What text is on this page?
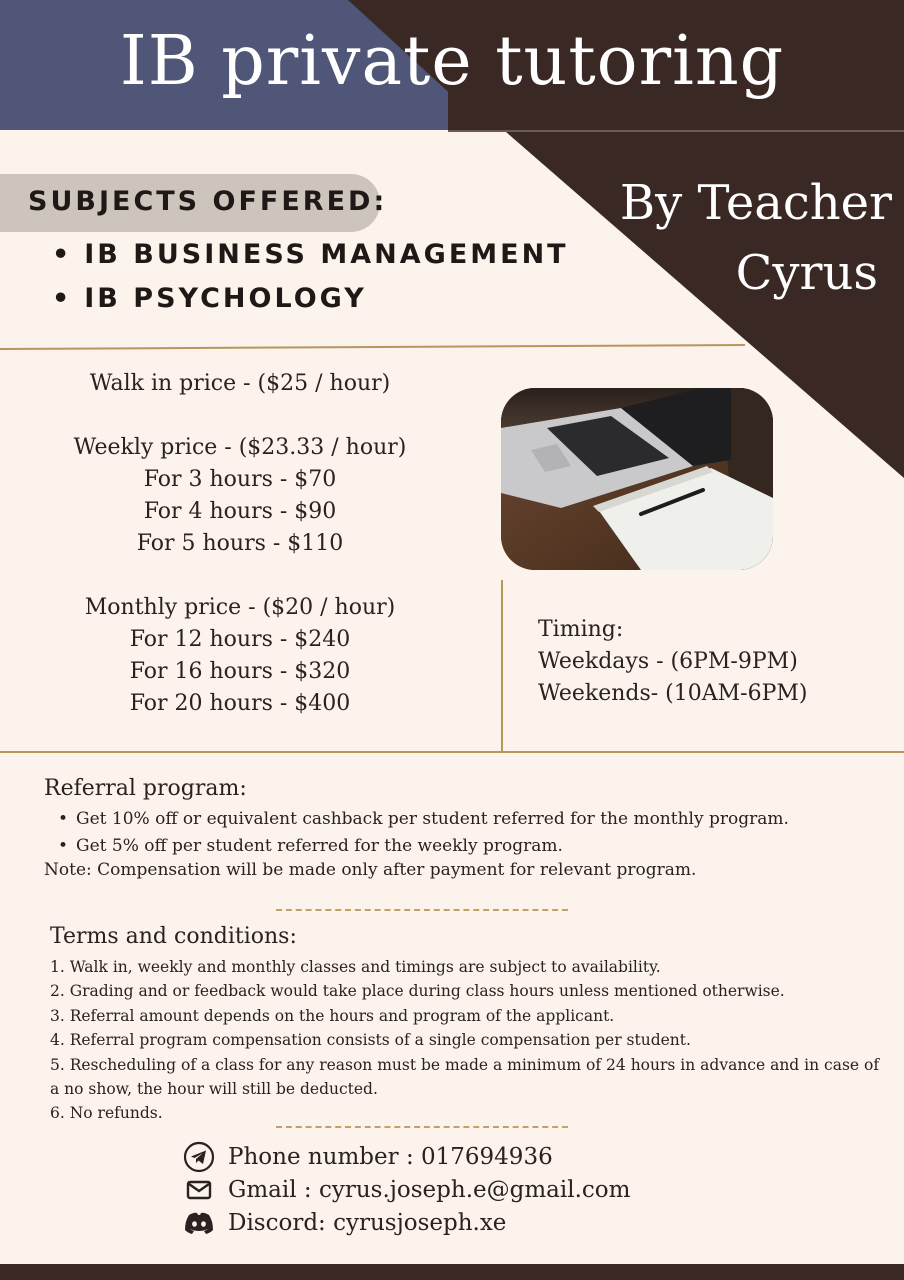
IB private tutoring
By Teacher
Cyrus
SUBJECTS OFFERED:
• IB BUSINESS MANAGEMENT
• IB PSYCHOLOGY
Walk in price - ($25 / hour)
Weekly price - ($23.33 / hour)
For 3 hours - $70
For 4 hours - $90
For 5 hours - $110
Monthly price - ($20 / hour)
For 12 hours - $240
For 16 hours - $320
For 20 hours - $400
Timing:
Weekdays - (6PM-9PM)
Weekends- (10AM-6PM)
Referral program:
• Get 10% off or equivalent cashback per student referred for the monthly program.
• Get 5% off per student referred for the weekly program.
Note: Compensation will be made only after payment for relevant program.
Terms and conditions:
1. Walk in, weekly and monthly classes and timings are subject to availability.
2. Grading and or feedback would take place during class hours unless mentioned otherwise.
3. Referral amount depends on the hours and program of the applicant.
4. Referral program compensation consists of a single compensation per student.
5. Rescheduling of a class for any reason must be made a minimum of 24 hours in advance and in case of a no show, the hour will still be deducted.
6. No refunds.
Phone number : 017694936
Gmail : cyrus.joseph.e@gmail.com
Discord: cyrusjoseph.xe
